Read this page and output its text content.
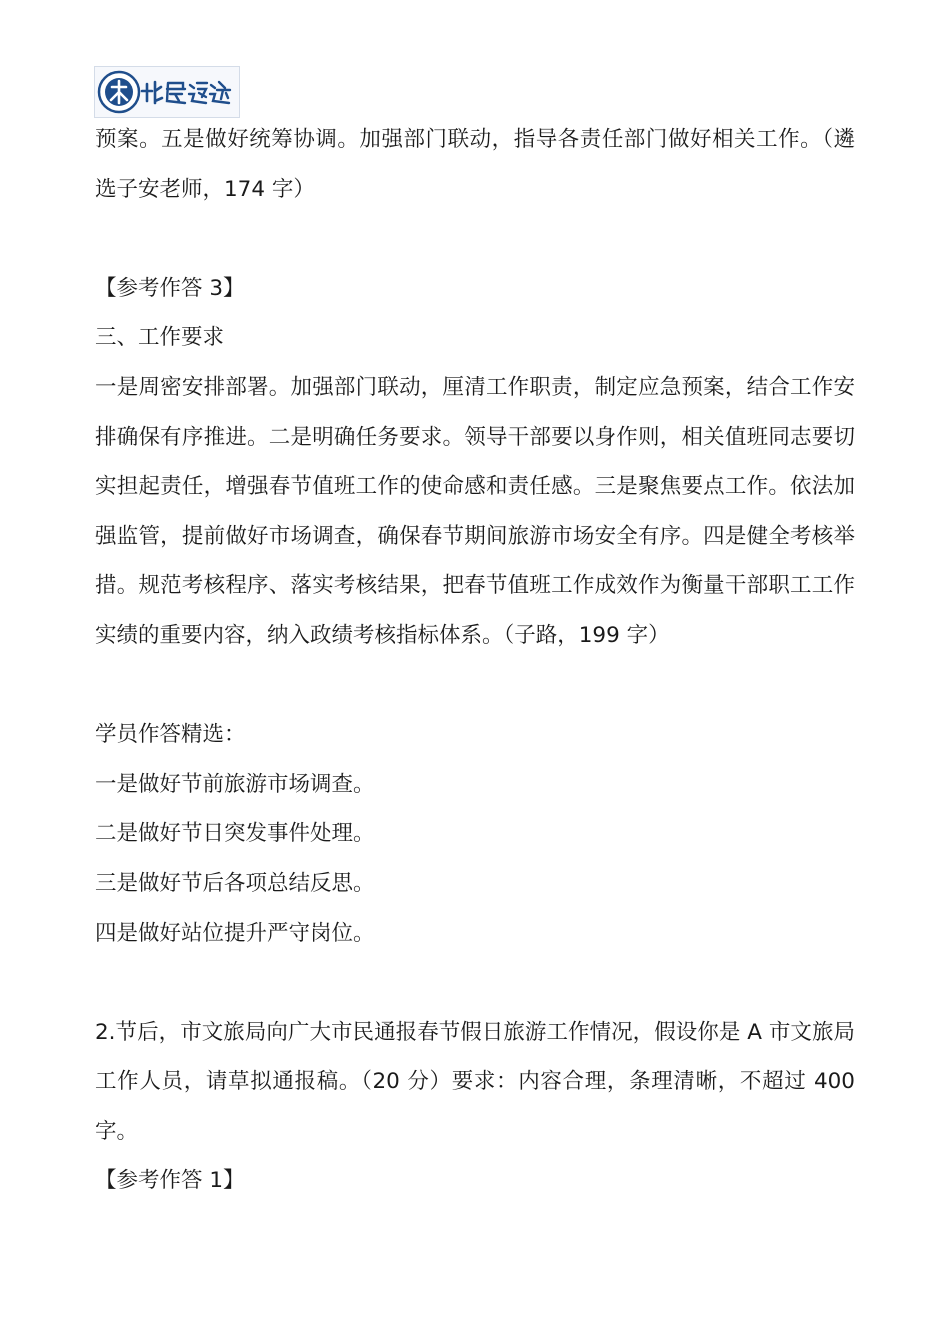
预案。五是做好统筹协调。加强部门联动，指导各责任部门做好相关工作。（遴选子安老师，174 字）

【参考作答 3】

三、工作要求

一是周密安排部署。加强部门联动，厘清工作职责，制定应急预案，结合工作安排确保有序推进。二是明确任务要求。领导干部要以身作则，相关值班同志要切实担起责任，增强春节值班工作的使命感和责任感。三是聚焦要点工作。依法加强监管，提前做好市场调查，确保春节期间旅游市场安全有序。四是健全考核举措。规范考核程序、落实考核结果，把春节值班工作成效作为衡量干部职工工作实绩的重要内容，纳入政绩考核指标体系。（子路，199 字）

学员作答精选：

一是做好节前旅游市场调查。

二是做好节日突发事件处理。

三是做好节后各项总结反思。

四是做好站位提升严守岗位。

2.节后，市文旅局向广大市民通报春节假日旅游工作情况，假设你是 A 市文旅局工作人员，请草拟通报稿。（20 分）要求：内容合理，条理清晰，不超过 400 字。

【参考作答 1】
